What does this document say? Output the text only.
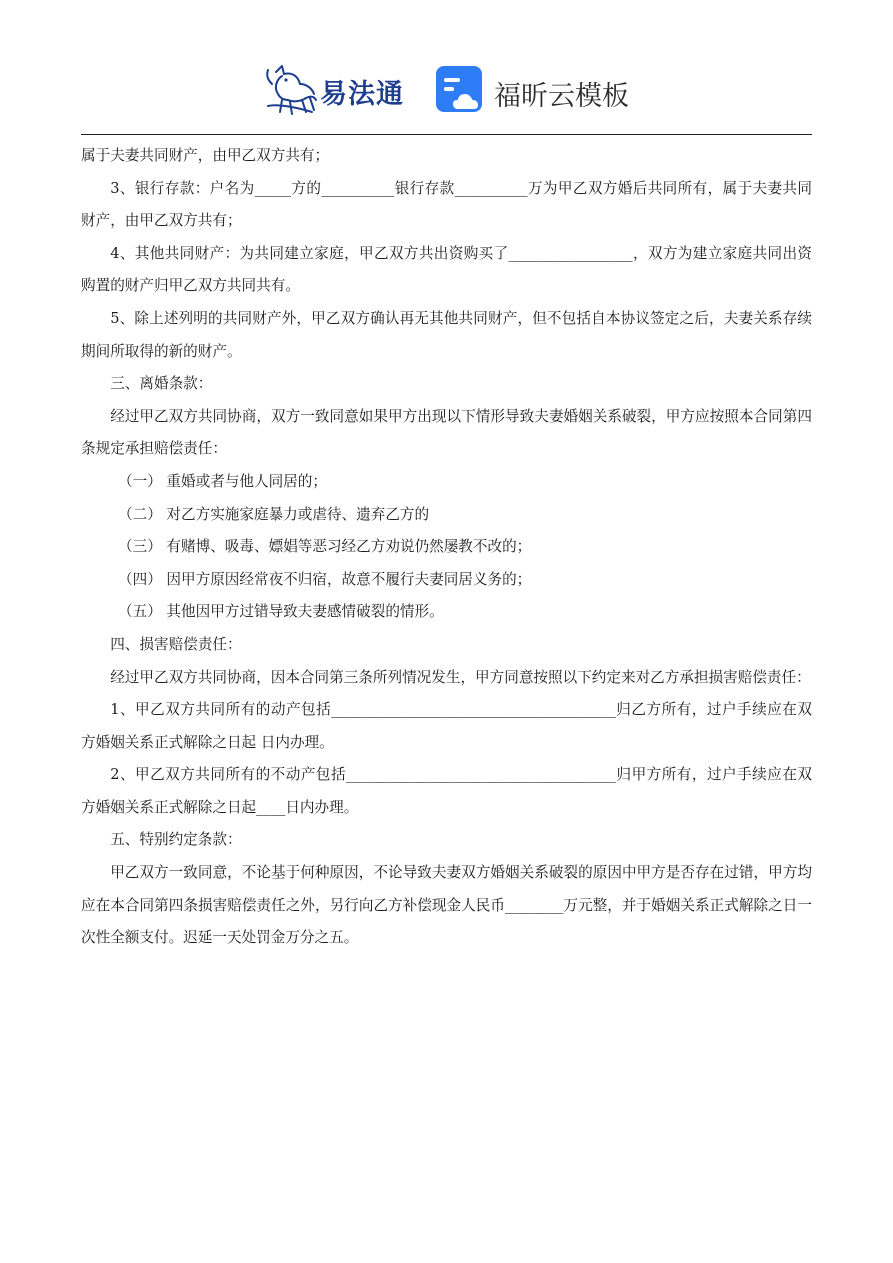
易法通	福昕云模板

属于夫妻共同财产，由甲乙双方共有；

3、银行存款：户名为_____方的__________银行存款__________万为甲乙双方婚后共同所有，属于夫妻共同财产，由甲乙双方共有；

4、其他共同财产：为共同建立家庭，甲乙双方共出资购买了_________________，双方为建立家庭共同出资购置的财产归甲乙双方共同共有。

5、除上述列明的共同财产外，甲乙双方确认再无其他共同财产，但不包括自本协议签定之后，夫妻关系存续期间所取得的新的财产。

三、离婚条款：

经过甲乙双方共同协商，双方一致同意如果甲方出现以下情形导致夫妻婚姻关系破裂，甲方应按照本合同第四条规定承担赔偿责任：

（一） 重婚或者与他人同居的；

（二） 对乙方实施家庭暴力或虐待、遗弃乙方的

（三） 有赌博、吸毒、嫖娼等恶习经乙方劝说仍然屡教不改的；

（四） 因甲方原因经常夜不归宿，故意不履行夫妻同居义务的；

（五） 其他因甲方过错导致夫妻感情破裂的情形。

四、损害赔偿责任：

经过甲乙双方共同协商，因本合同第三条所列情况发生，甲方同意按照以下约定来对乙方承担损害赔偿责任：

1、甲乙双方共同所有的动产包括_______________________________________归乙方所有，过户手续应在双方婚姻关系正式解除之日起 日内办理。

2、甲乙双方共同所有的不动产包括_____________________________________归甲方所有，过户手续应在双方婚姻关系正式解除之日起____日内办理。

五、特别约定条款：

甲乙双方一致同意，不论基于何种原因，不论导致夫妻双方婚姻关系破裂的原因中甲方是否存在过错，甲方均应在本合同第四条损害赔偿责任之外，另行向乙方补偿现金人民币________万元整，并于婚姻关系正式解除之日一次性全额支付。迟延一天处罚金万分之五。
